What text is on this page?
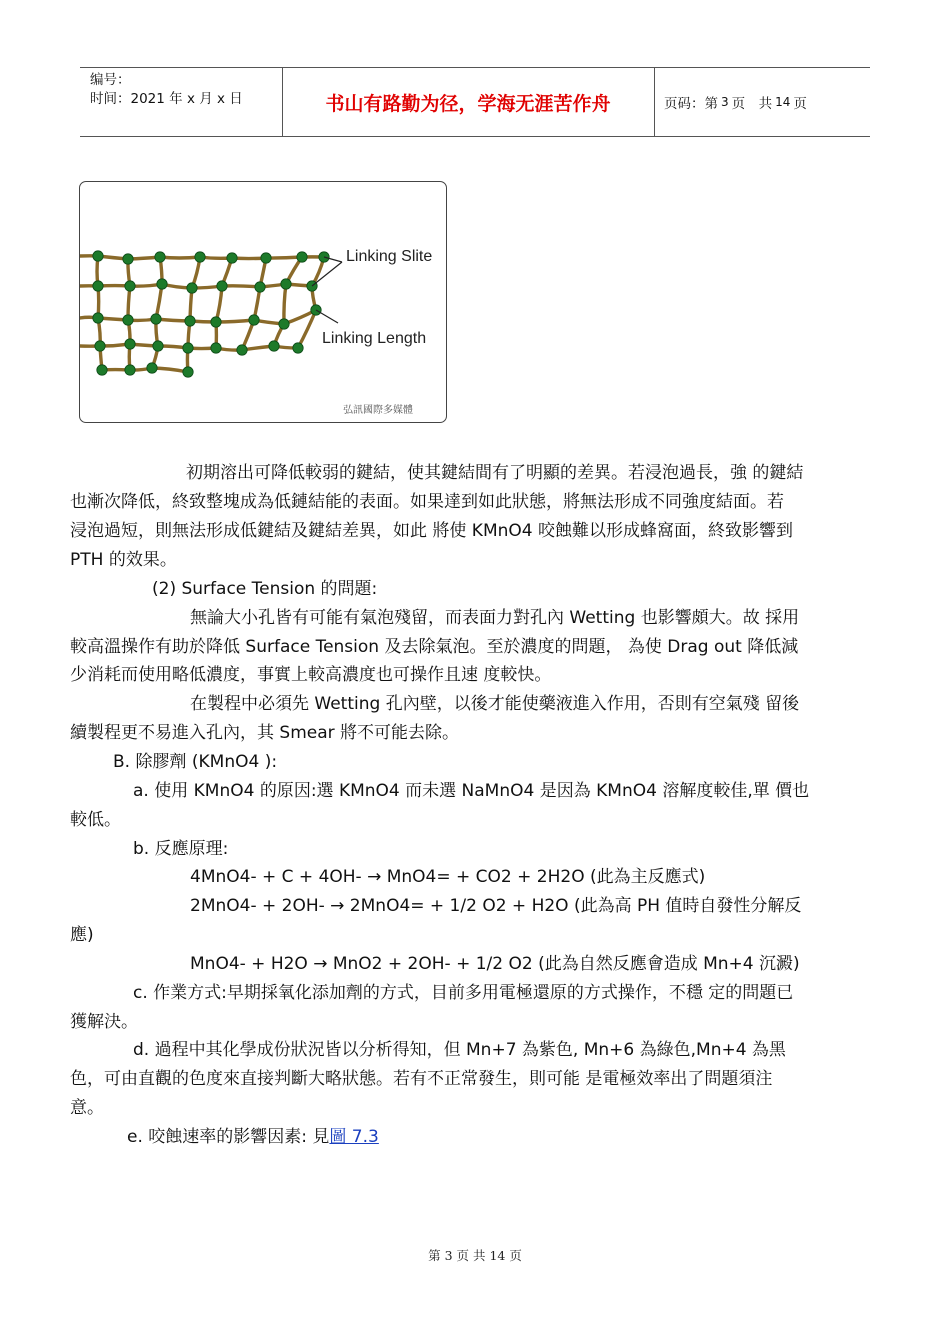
编号：
时间：2021 年 x 月 x 日	书山有路勤为径，学海无涯苦作舟	页码：第 3 页　共 14 页
Linking Slite
Linking Length
弘訊國際多媒體
初期溶出可降低較弱的鍵結，使其鍵結間有了明顯的差異。若浸泡過長，強 的鍵結
也漸次降低，終致整塊成為低鏈結能的表面。如果達到如此狀態，將無法形成不同強度結面。若
浸泡過短，則無法形成低鍵結及鍵結差異，如此 將使 KMnO4 咬蝕難以形成蜂窩面，終致影響到
PTH 的效果。
(2) Surface Tension 的問題:
無論大小孔皆有可能有氣泡殘留，而表面力對孔內 Wetting 也影響頗大。故 採用
較高溫操作有助於降低 Surface Tension 及去除氣泡。至於濃度的問題， 為使 Drag out 降低減
少消耗而使用略低濃度，事實上較高濃度也可操作且速 度較快。
在製程中必須先 Wetting 孔內壁，以後才能使藥液進入作用，否則有空氣殘 留後
續製程更不易進入孔內，其 Smear 將不可能去除。
B. 除膠劑 (KMnO4 ):
a. 使用 KMnO4 的原因:選 KMnO4 而未選 NaMnO4 是因為 KMnO4 溶解度較佳,單 價也
較低。
b. 反應原理:
4MnO4- + C + 4OH- → MnO4= + CO2 + 2H2O (此為主反應式)
2MnO4- + 2OH- → 2MnO4= + 1/2 O2 + H2O (此為高 PH 值時自發性分解反
應)
MnO4- + H2O → MnO2 + 2OH- + 1/2 O2 (此為自然反應會造成 Mn+4 沉澱)
c. 作業方式:早期採氧化添加劑的方式，目前多用電極還原的方式操作，不穩 定的問題已
獲解決。
d. 過程中其化學成份狀況皆以分析得知，但 Mn+7 為紫色, Mn+6 為綠色,Mn+4 為黑
色，可由直觀的色度來直接判斷大略狀態。若有不正常發生，則可能 是電極效率出了問題須注
意。
e. 咬蝕速率的影響因素: 見圖 7.3
第 3 页 共 14 页
